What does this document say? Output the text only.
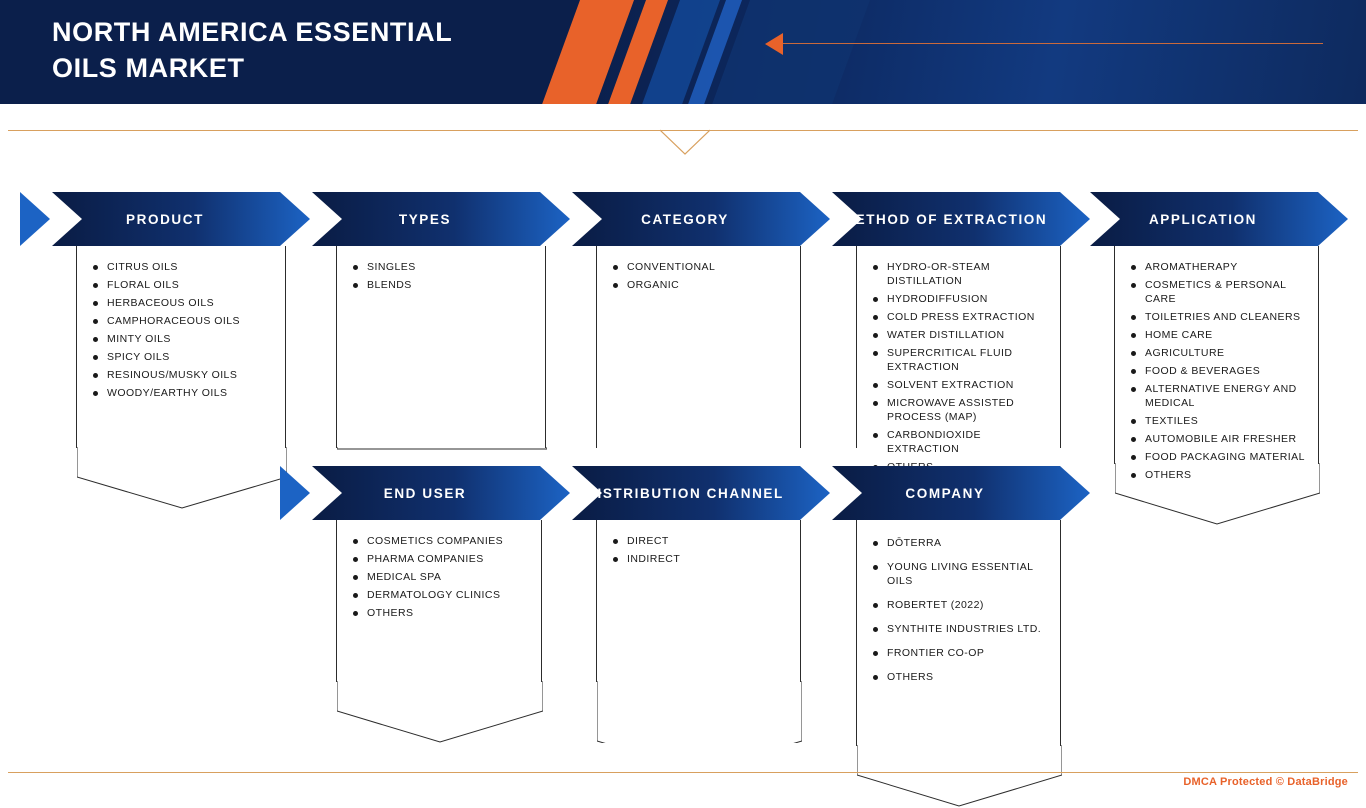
NORTH AMERICA ESSENTIAL
OILS MARKET
PRODUCT
CITRUS OILS
FLORAL OILS
HERBACEOUS OILS
CAMPHORACEOUS OILS
MINTY OILS
SPICY OILS
RESINOUS/MUSKY OILS
WOODY/EARTHY OILS
TYPES
SINGLES
BLENDS
CATEGORY
CONVENTIONAL
ORGANIC
METHOD OF EXTRACTION
HYDRO-OR-STEAM DISTILLATION
HYDRODIFFUSION
COLD PRESS EXTRACTION
WATER DISTILLATION
SUPERCRITICAL FLUID EXTRACTION
SOLVENT EXTRACTION
MICROWAVE ASSISTED PROCESS (MAP)
CARBONDIOXIDE EXTRACTION
APPLICATION
AROMATHERAPY
COSMETICS & PERSONAL CARE
TOILETRIES AND CLEANERS
HOME CARE
AGRICULTURE
FOOD & BEVERAGES
ALTERNATIVE ENERGY AND MEDICAL
TEXTILES
AUTOMOBILE AIR FRESHER
FOOD PACKAGING MATERIAL
OTHERS
END USER
COSMETICS COMPANIES
PHARMA COMPANIES
MEDICAL SPA
DERMATOLOGY CLINICS
OTHERS
DISTRIBUTION CHANNEL
DIRECT
INDIRECT
COMPANY
DŌTERRA
YOUNG LIVING ESSENTIAL OILS
ROBERTET (2022)
SYNTHITE INDUSTRIES LTD.
FRONTIER CO-OP
OTHERS
DMCA Protected © DataBridge
